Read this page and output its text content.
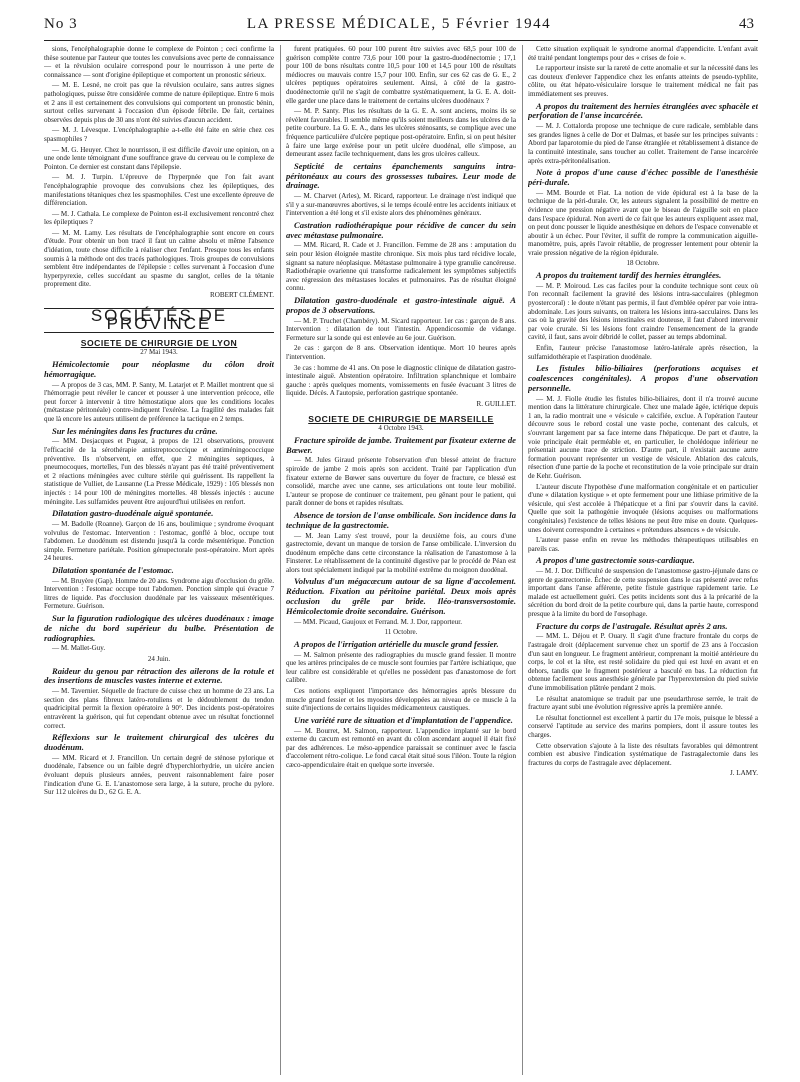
No 3	LA PRESSE MÉDICALE, 5 Février 1944	43

sions, l'encéphalographie donne le complexe de Pointon ; ceci confirme la thèse soutenue par l'auteur que toutes les convulsions avec perte de connaissance — et la révulsion oculaire correspond pour le nourrisson à une perte de connaissance — sont d'origine épileptique et comportent un pronostic sérieux.

— M. E. Lesné, ne croit pas que la révulsion oculaire, sans autres signes pathologiques, puisse être considérée comme de nature épileptique. Entre 6 mois et 2 ans il est certainement des convulsions qui comportent un pronostic bénin, surtout celles survenant à l'occasion d'un épisode fébrile. De fait, certaines observées depuis plus de 30 ans n'ont été suivies d'aucun accident.

— M. J. Lévesque. L'encéphalographie a-t-elle été faite en série chez ces spasmophiles ?

— M. G. Heuyer. Chez le nourrisson, il est difficile d'avoir une opinion, on a une onde lente témoignant d'une souffrance grave du cerveau ou le complexe de Pointon. Ce dernier est constant dans l'épilepsie.

— M. J. Turpin. L'épreuve de l'hyperpnée que l'on fait avant l'encéphalographie provoque des convulsions chez les épileptiques, des manifestations tétaniques chez les spasmophiles. C'est une excellente épreuve de différenciation.

— M. J. Cathala. Le complexe de Pointon est-il exclusivement rencontré chez les épileptiques ?

— M. M. Lamy. Les résultats de l'encéphalographie sont encore en cours d'étude. Pour obtenir un bon tracé il faut un calme absolu et même l'absence d'idéation, toute chose difficile à réaliser chez l'enfant. Presque tous les enfants soumis à la méthode ont des tracés pathologiques. Trois groupes de convulsions semblent être indépendantes de l'épilepsie : celles survenant à l'occasion d'une hyperpyrexie, celles succédant au spasme du sanglot, celles de la tétanie proprement dite.

ROBERT CLÉMENT.

SOCIÉTÉS DE PROVINCE
SOCIETE DE CHIRURGIE DE LYON
27 Mai 1943.
Hémicolectomie pour néoplasme du côlon droit hémorragique.

— A propos de 3 cas, MM. P. Santy, M. Latarjet et P. Maillet montrent que si l'hémorragie peut révéler le cancer et pousser à une intervention précoce, elle peut forcer à intervenir à titre hémostatique alors que les conditions locales (métastase péritonéale) contre-indiquent l'exérèse. La fragilité des malades fait que là encore les auteurs utilisent de préférence la tactique en 2 temps.

Sur les méningites dans les fractures du crâne.

— MM. Desjacques et Pugeat, à propos de 121 observations, prouvent l'efficacité de la sérothérapie antistreptococcique et antiméningococcique préventive. Ils n'observent, en effet, que 2 méningites septiques, à pneumocoques, mortelles, l'un des blessés n'ayant pas été traité préventivement et 2 réactions méningées avec culture stérile qui guérissent. Ils rappellent la statistique de Vulliet, de Lausanne (La Presse Médicale, 1929) : 105 blessés non injectés : 14 pour 100 de méningites mortelles. 48 blessés injectés : aucune méningite. Les sulfamides peuvent être aujourd'hui utilisées en renfort.

Dilatation gastro-duodénale aiguë spontanée.

— M. Badolle (Roanne). Garçon de 16 ans, boulimique ; syndrome évoquant volvulus de l'estomac. Intervention : l'estomac, gonflé à bloc, occupe tout l'abdomen. Le duodénum est distendu jusqu'à la corde mésentérique. Ponction simple. Fermeture pariétale. Position génupectorale post-opératoire. Mort après 24 heures.

Dilatation spontanée de l'estomac.

— M. Bruyère (Gap). Homme de 20 ans. Syndrome aigu d'occlusion du grêle. Intervention : l'estomac occupe tout l'abdomen. Ponction simple qui évacue 7 litres de liquide. Pas d'occlusion duodénale par les vaisseaux mésentériques. Fermeture. Guérison.

Sur la figuration radiologique des ulcères duodénaux : image de niche du bord supérieur du bulbe. Présentation de radiographies.

— M. Mallet-Guy.

24 Juin.
Raideur du genou par rétraction des ailerons de la rotule et des insertions de muscles vastes interne et externe.

— M. Tavernier. Séquelle de fracture de cuisse chez un homme de 23 ans. La section des plans fibreux latéro-rotuliens et le dédoublement du tendon quadricipital permit la flexion opératoire à 90°. Des incidents post-opératoires entravèrent la guérison, qui fut cependant obtenue avec un résultat fonctionnel correct.

Réflexions sur le traitement chirurgical des ulcères du duodénum.

— MM. Ricard et J. Francillon. Un certain degré de sténose pylorique et duodénale, l'absence ou un faible degré d'hyperchlorhydrie, un ulcère ancien évoluant depuis plusieurs années, peuvent raisonnablement faire poser l'indication d'une G. E. L'anastomose sera large, à la suture, proche du pylore. Sur 112 ulcères du D., 62 G. E. A.

furent pratiquées. 60 pour 100 purent être suivies avec 68,5 pour 100 de guérison complète contre 73,6 pour 100 pour la gastro-duodénectomie ; 17,1 pour 100 de bons résultats contre 10,5 pour 100 et 14,5 pour 100 de résultats médiocres ou mauvais contre 15,7 pour 100. Enfin, sur ces 62 cas de G. E., 2 ulcères peptiques opératoires seulement. Ainsi, à côté de la gastro-duodénectomie qu'il ne s'agit de combattre systématiquement, la G. E. A. doit-elle garder une place dans le traitement de certains ulcères duodénaux ?

— M. P. Santy. Plus les résultats de la G. E. A. sont anciens, moins ils se révèlent favorables. Il semble même qu'ils soient meilleurs dans les ulcères de la petite courbure. La G. E. A., dans les ulcères sténosants, se complique avec une fréquence particulière d'ulcère peptique post-opératoire. Enfin, si on peut hésiter à faire une large exérèse pour un petit ulcère duodénal, elle s'impose, au demeurant assez facile techniquement, dans les gros ulcères calleux.

Septicité de certains épanchements sanguins intra-péritonéaux au cours des grossesses tubaires. Leur mode de drainage.

— M. Charvet (Arles), M. Ricard, rapporteur. Le drainage n'est indiqué que s'il y a sur-manœuvres abortives, si le temps écoulé entre les accidents initiaux et l'intervention a été long et s'il existe alors des phénomènes généraux.

Castration radiothérapique pour récidive de cancer du sein avec métastase pulmonaire.

— MM. Ricard, R. Cade et J. Francillon. Femme de 28 ans : amputation du sein pour lésion éloignée mastite chronique. Six mois plus tard récidive locale, signant sa nature néoplasique. Métastase pulmonaire à type granulie cancéreuse. Radiothérapie ovarienne qui transforme radicalement les symptômes subjectifs avec régression des métastases locales et pulmonaires. Pas de résultat éloigné connu.

Dilatation gastro-duodénale et gastro-intestinale aiguë. A propos de 3 observations.

— M. P. Truchet (Chambéry). M. Sicard rapporteur. 1er cas : garçon de 8 ans. Intervention : dilatation de tout l'intestin. Appendicosomie de vidange. Fermeture sur la sonde qui est enlevée au 6e jour. Guérison.

2e cas : garçon de 8 ans. Observation identique. Mort 10 heures après l'intervention.

3e cas : homme de 41 ans. On pose le diagnostic clinique de dilatation gastro-intestinale aiguë. Abstention opératoire. Infiltration splanchnique et lombaire gauche : après quelques moments, vomissements en fusée évacuant 3 litres de liquide. Décès. A l'autopsie, perforation gastrique spontanée.

R. GUILLET.

SOCIETE DE CHIRURGIE DE MARSEILLE
4 Octobre 1943.
Fracture spiroïde de jambe. Traitement par fixateur externe de Bœwer.

— M. Jules Giraud présente l'observation d'un blessé atteint de fracture spiroïde de jambe 2 mois après son accident. Traité par l'application d'un fixateur externe de Bœwer sans ouverture du foyer de fracture, ce blessé est consolidé, marche avec une canne, ses articulations ont toute leur mobilité. L'auteur se propose de continuer ce traitement, peu gênant pour le patient, qui paraît donner de bons et rapides résultats.

Absence de torsion de l'anse ombilicale. Son incidence dans la technique de la gastrectomie.

— M. Jean Lamy s'est trouvé, pour la deuxième fois, au cours d'une gastrectomie, devant un manque de torsion de l'anse ombilicale. L'inversion du duodénum empêche dans cette circonstance la réalisation de l'anastomose à la Finsterer. Le rétablissement de la continuité digestive par le procédé de Péan est alors tout spécialement indiqué par la mobilité extrême du moignon duodénal.

Volvulus d'un mégacæcum autour de sa ligne d'accolement. Réduction. Fixation au péritoine pariétal. Deux mois après occlusion du grêle par bride. Iléo-transversostomie. Hémicolectomie droite secondaire. Guérison.

— MM. Picaud, Gaujoux et Ferrand. M. J. Dor, rapporteur.

11 Octobre.
A propos de l'irrigation artérielle du muscle grand fessier.

— M. Salmon présente des radiographies du muscle grand fessier. Il montre que les artères principales de ce muscle sont fournies par l'artère ischiatique, que leur calibre est considérable et qu'elles ne possèdent pas d'anastomose de fort calibre.

Ces notions expliquent l'importance des hémorragies après blessure du muscle grand fessier et les myosites développées au niveau de ce muscle à la suite d'injections de certains liquides médicamenteux caustiques.

Une variété rare de situation et d'implantation de l'appendice.

— M. Bourret, M. Salmon, rapporteur. L'appendice implanté sur le bord externe du cæcum est remonté en avant du côlon ascendant auquel il était fixé par des adhérences. Le méso-appendice paraissait se continuer avec le fascia d'accolement rétro-colique. Le fond cæcal était situé sous l'iléon. Toute la région cæco-appendiculaire était en quelque sorte inversée.

Cette situation expliquait le syndrome anormal d'appendicite. L'enfant avait été traité pendant longtemps pour des « crises de foie ».

Le rapporteur insiste sur la rareté de cette anomalie et sur la nécessité dans les cas douteux d'enlever l'appendice chez les enfants atteints de pseudo-typhlite, côlite, ou état hépato-vésiculaire lorsque le traitement médical ne fait pas immédiatement ses preuves.

A propos du traitement des hernies étranglées avec sphacèle et perforation de l'anse incarcérée.

— M. J. Cottalorda propose une technique de cure radicale, semblable dans ses grandes lignes à celle de Dor et Dalmas, et basée sur les principes suivants : Abord par laparotomie du pied de l'anse étranglée et rétablissement à distance de la continuité intestinale, sans toucher au collet. Traitement de l'anse incarcérée après extra-péritonéalisation.

Note à propos d'une cause d'échec possible de l'anesthésie péri-durale.

— MM. Bourde et Fiat. La notion de vide épidural est à la base de la technique de la péri-durale. Or, les auteurs signalent la possibilité de mettre en évidence une pression négative avant que le biseau de l'aiguille soit en place dans l'espace épidural. Non averti de ce fait que les auteurs expliquent assez mal, on peut donc pousser le liquide anesthésique en dehors de l'espace convenable et aboutir à un échec. Pour l'éviter, il suffit de rompre la communication aiguille-manomètre, puis, après l'avoir rétablie, de progresser lentement pour obtenir la vraie pression négative de la région épidurale.

18 Octobre.
A propos du traitement tardif des hernies étranglées.

— M. P. Moiroud. Les cas faciles pour la conduite technique sont ceux où l'on reconnaît facilement la gravité des lésions intra-sacculaires (phlegmon pyostercoral) : le doute n'étant pas permis, il faut d'emblée opérer par voie intra-abdominale. Les jours suivants, on traitera les lésions intra-sacculaires. Dans les cas où la gravité des lésions intestinales est douteuse, il faut d'abord intervenir par voie crurale. Si les lésions font craindre l'ensemencement de la grande cavité, il faut, sans avoir débridé le collet, passer au temps abdominal.

Enfin, l'auteur précise l'anastomose latéro-latérale après résection, la sulfamidothérapie et l'aspiration duodénale.

Les fistules bilio-biliaires (perforations acquises et coalescences congénitales). A propos d'une observation personnelle.

— M. J. Fiolle étudie les fistules bilio-biliaires, dont il n'a trouvé aucune mention dans la littérature chirurgicale. Chez une malade âgée, ictérique depuis 1 an, la radio montrait une « vésicule » calcifiée, exclue. A l'opération l'auteur découvre sous le rebord costal une vaste poche, contenant des calculs, et s'ouvrant largement par sa face interne dans l'hépaticque. De part et d'autre, la voie principale était perméable et, en particulier, le cholédoque inférieur ne présentait aucune trace de striction. D'autre part, il n'existait aucune autre formation pouvant représenter un vestige de vésicule. Ablation des calculs, résection d'une partie de la poche et reconstitution de la voie principale sur drain de Kehr. Guérison.

L'auteur discute l'hypothèse d'une malformation congénitale et en particulier d'une « dilatation kystique » et opte fermement pour une lithiase primitive de la vésicule, qui s'est accolée à l'hépaticque et a fini par s'ouvrir dans la cavité. Quelle que soit la pathogénie invoquée (lésions acquises ou malformations congénitales) l'existence de telles lésions ne peut être mise en doute. Quelques-unes doivent correspondre à certaines « prétendues absences » de vésicule.

L'auteur passe enfin en revue les méthodes thérapeutiques utilisables en pareils cas.

A propos d'une gastrectomie sous-cardiaque.

— M. J. Dor. Difficulté de suspension de l'anastomose gastro-jéjunale dans ce genre de gastrectomie. Échec de cette suspension dans le cas présenté avec refus important dans l'anse afférente, petite fistule gastrique rapidement tarie. Le malade est actuellement guéri. Ces petits incidents sont dus à la précarité de la sécrétion du bord droit de la petite courbure qui, dans la partie haute, correspond presque à la limite du bord de l'œsophage.

Fracture du corps de l'astragale. Résultat après 2 ans.

— MM. L. Déjou et P. Ouary. Il s'agit d'une fracture frontale du corps de l'astragale droit (déplacement survenue chez un sportif de 23 ans à l'occasion d'un saut en longueur. Le fragment antérieur, comprenant la moitié antérieure du corps, le col et la tête, est resté solidaire du pied qui est luxé en avant et en dehors, tandis que le fragment postérieur a basculé en bas. La réduction fut obtenue facilement sous anesthésie générale par l'hyperextension du pied suivie d'une immobilisation plâtrée pendant 2 mois.

Le résultat anatomique se traduit par une pseudarthrose serrée, le trait de fracture ayant subi une évolution régressive après la première année.

Le résultat fonctionnel est excellent à partir du 17e mois, puisque le blessé a conservé l'aptitude au service des marins pompiers, dont il assure toutes les charges.

Cette observation s'ajoute à la liste des résultats favorables qui démontrent combien est abusive l'indication systématique de l'astragalectomie dans les fractures du corps de l'astragale avec déplacement.

J. LAMY.
